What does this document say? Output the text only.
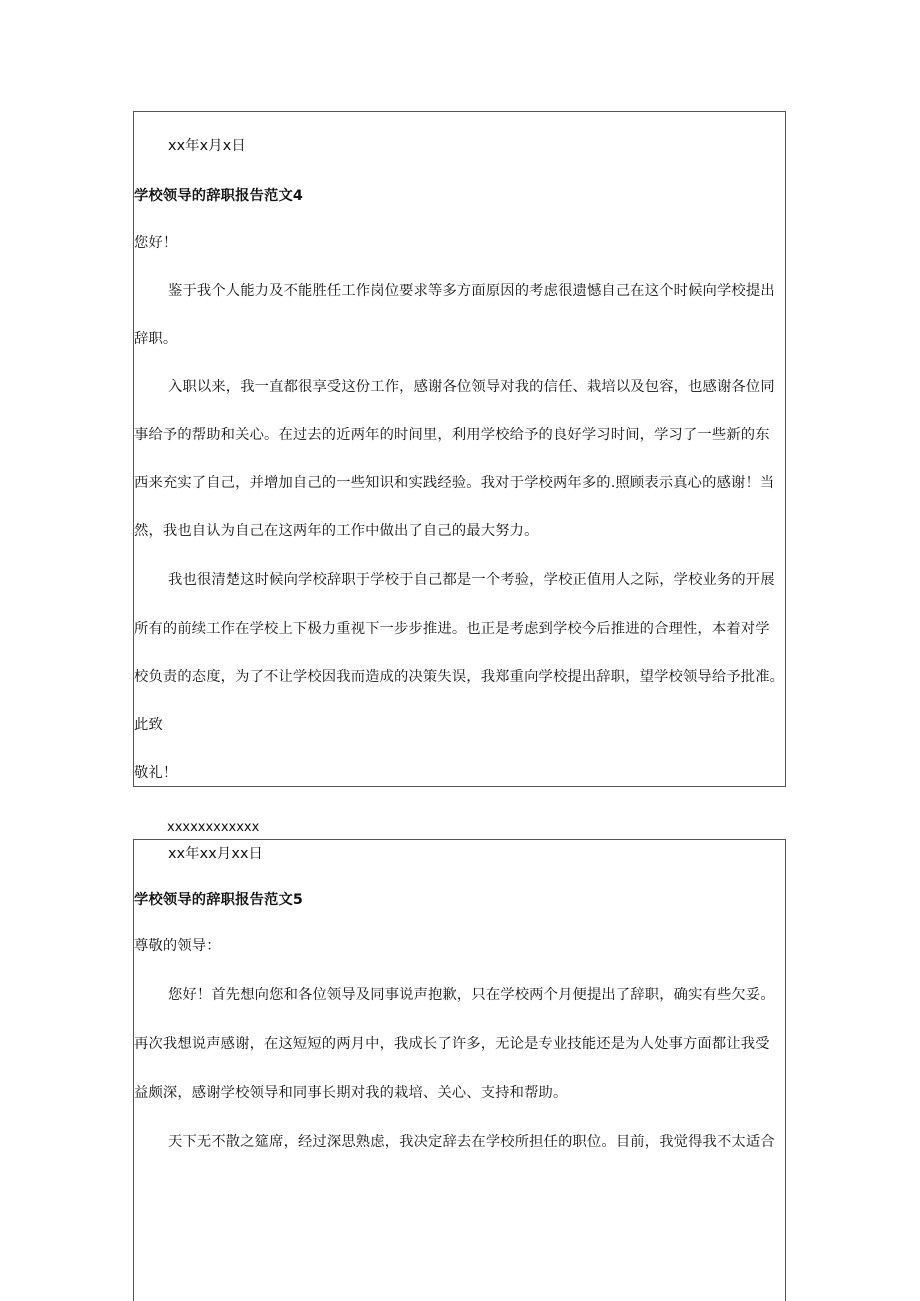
xx年x月x日
学校领导的辞职报告范文4
您好！
鉴于我个人能力及不能胜任工作岗位要求等多方面原因的考虑很遗憾自己在这个时候向学校提出
辞职。
入职以来，我一直都很享受这份工作，感谢各位领导对我的信任、栽培以及包容，也感谢各位同
事给予的帮助和关心。在过去的近两年的时间里，利用学校给予的良好学习时间，学习了一些新的东
西来充实了自己，并增加自己的一些知识和实践经验。我对于学校两年多的.照顾表示真心的感谢！当
然，我也自认为自己在这两年的工作中做出了自己的最大努力。
我也很清楚这时候向学校辞职于学校于自己都是一个考验，学校正值用人之际，学校业务的开展
所有的前续工作在学校上下极力重视下一步步推进。也正是考虑到学校今后推进的合理性，本着对学
校负责的态度，为了不让学校因我而造成的决策失误，我郑重向学校提出辞职，望学校领导给予批准。
此致
敬礼！
xxxxxxxxxxxx
xx年xx月xx日
学校领导的辞职报告范文5
尊敬的领导：
您好！首先想向您和各位领导及同事说声抱歉，只在学校两个月便提出了辞职，确实有些欠妥。
再次我想说声感谢，在这短短的两月中，我成长了许多，无论是专业技能还是为人处事方面都让我受
益颇深，感谢学校领导和同事长期对我的栽培、关心、支持和帮助。
天下无不散之筵席，经过深思熟虑，我决定辞去在学校所担任的职位。目前，我觉得我不太适合
